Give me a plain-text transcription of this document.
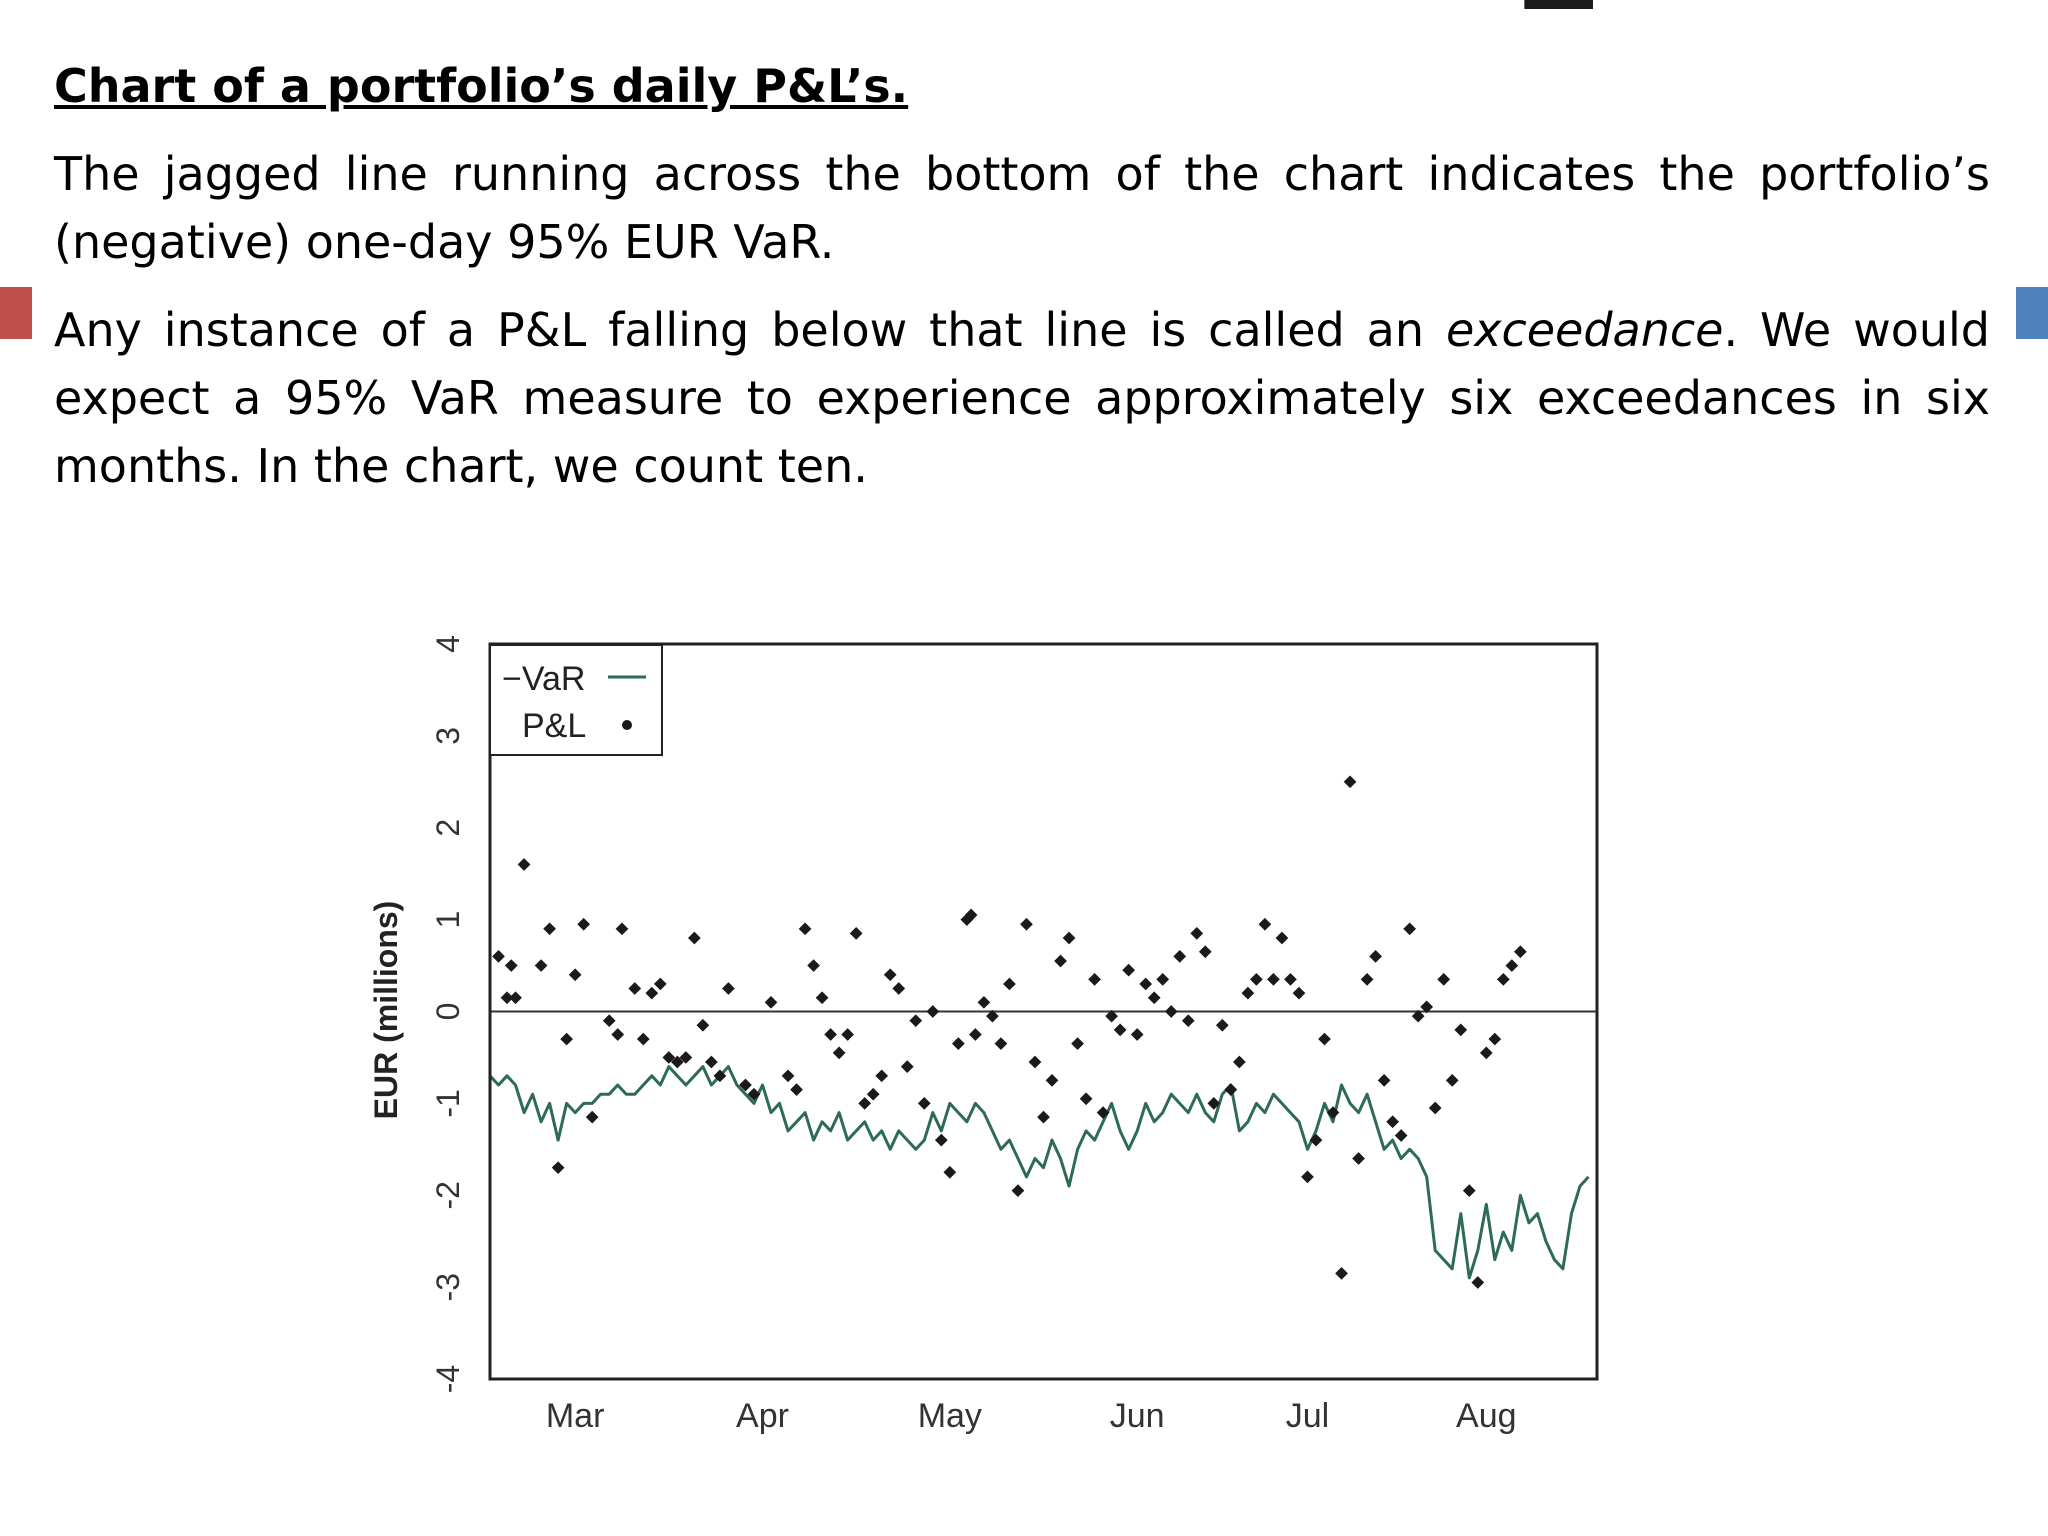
Chart of a portfolio’s daily P&L’s.
The jagged line running across the bottom of the chart indicates the portfolio’s (negative) one-day 95% EUR VaR.
Any instance of a P&L falling below that line is called an exceedance. We would expect a 95% VaR measure to experience approximately six exceedances in six months. In the chart, we count ten.
4
3
2
1
0
-1
-2
-3
-4
Mar	Apr	May	Jun	Jul	Aug
EUR (millions)
−VaR
P&L
